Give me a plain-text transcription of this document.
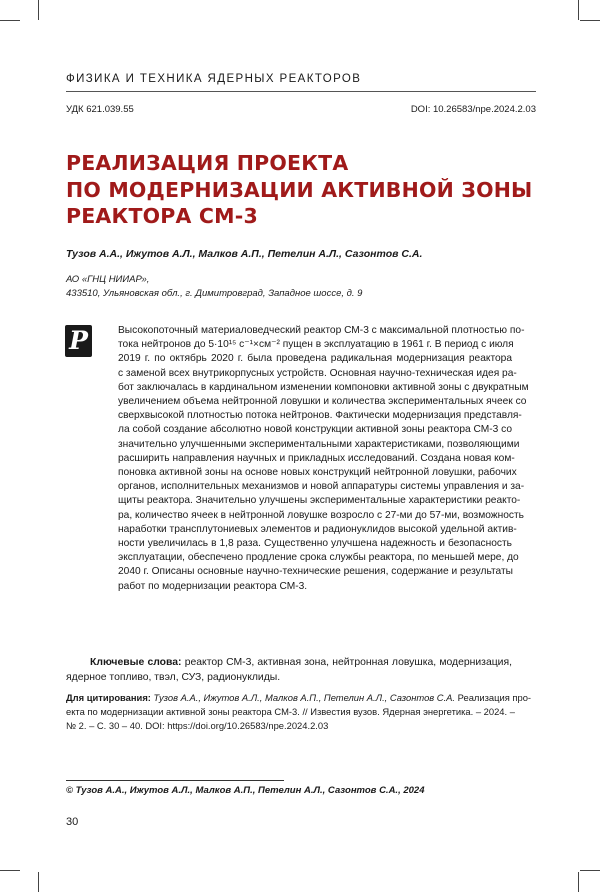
ФИЗИКА И ТЕХНИКА ЯДЕРНЫХ РЕАКТОРОВ
УДК 621.039.55	DOI: 10.26583/npe.2024.2.03
РЕАЛИЗАЦИЯ ПРОЕКТА
ПО МОДЕРНИЗАЦИИ АКТИВНОЙ ЗОНЫ
РЕАКТОРА СМ-3
Тузов А.А., Ижутов А.Л., Малков А.П., Петелин А.Л., Сазонтов С.А.
АО «ГНЦ НИИАР»,
433510, Ульяновская обл., г. Димитровград, Западное шоссе, д. 9
P	Высокопоточный материаловедческий реактор СМ-3 с максимальной плотностью по-
тока нейтронов до 5·10¹⁵ с⁻¹×см⁻² пущен в эксплуатацию в 1961 г. В период с июля
2019 г. по октябрь 2020 г. была проведена радикальная модернизация реактора
с заменой всех внутрикорпусных устройств. Основная научно-техническая идея ра-
бот заключалась в кардинальном изменении компоновки активной зоны с двукратным
увеличением объема нейтронной ловушки и количества экспериментальных ячеек со
сверхвысокой плотностью потока нейтронов. Фактически модернизация представля-
ла собой создание абсолютно новой конструкции активной зоны реактора СМ-3 со
значительно улучшенными экспериментальными характеристиками, позволяющими
расширить направления научных и прикладных исследований. Создана новая ком-
поновка активной зоны на основе новых конструкций нейтронной ловушки, рабочих
органов, исполнительных механизмов и новой аппаратуры системы управления и за-
щиты реактора. Значительно улучшены экспериментальные характеристики реакто-
ра, количество ячеек в нейтронной ловушке возросло с 27-ми до 57-ми, возможность
наработки трансплутониевых элементов и радионуклидов высокой удельной актив-
ности увеличилась в 1,8 раза. Существенно улучшена надежность и безопасность
эксплуатации, обеспечено продление срока службы реактора, по меньшей мере, до
2040 г. Описаны основные научно-технические решения, содержание и результаты
работ по модернизации реактора СМ-3.
Ключевые слова: реактор СМ-3, активная зона, нейтронная ловушка, модернизация,
ядерное топливо, твэл, СУЗ, радионуклиды.
Для цитирования: Тузов А.А., Ижутов А.Л., Малков А.П., Петелин А.Л., Сазонтов С.А. Реализация про-
екта по модернизации активной зоны реактора СМ-3. // Известия вузов. Ядерная энергетика. – 2024. –
№ 2. – С. 30 – 40. DOI: https://doi.org/10.26583/npe.2024.2.03
© Тузов А.А., Ижутов А.Л., Малков А.П., Петелин А.Л., Сазонтов С.А., 2024
30
